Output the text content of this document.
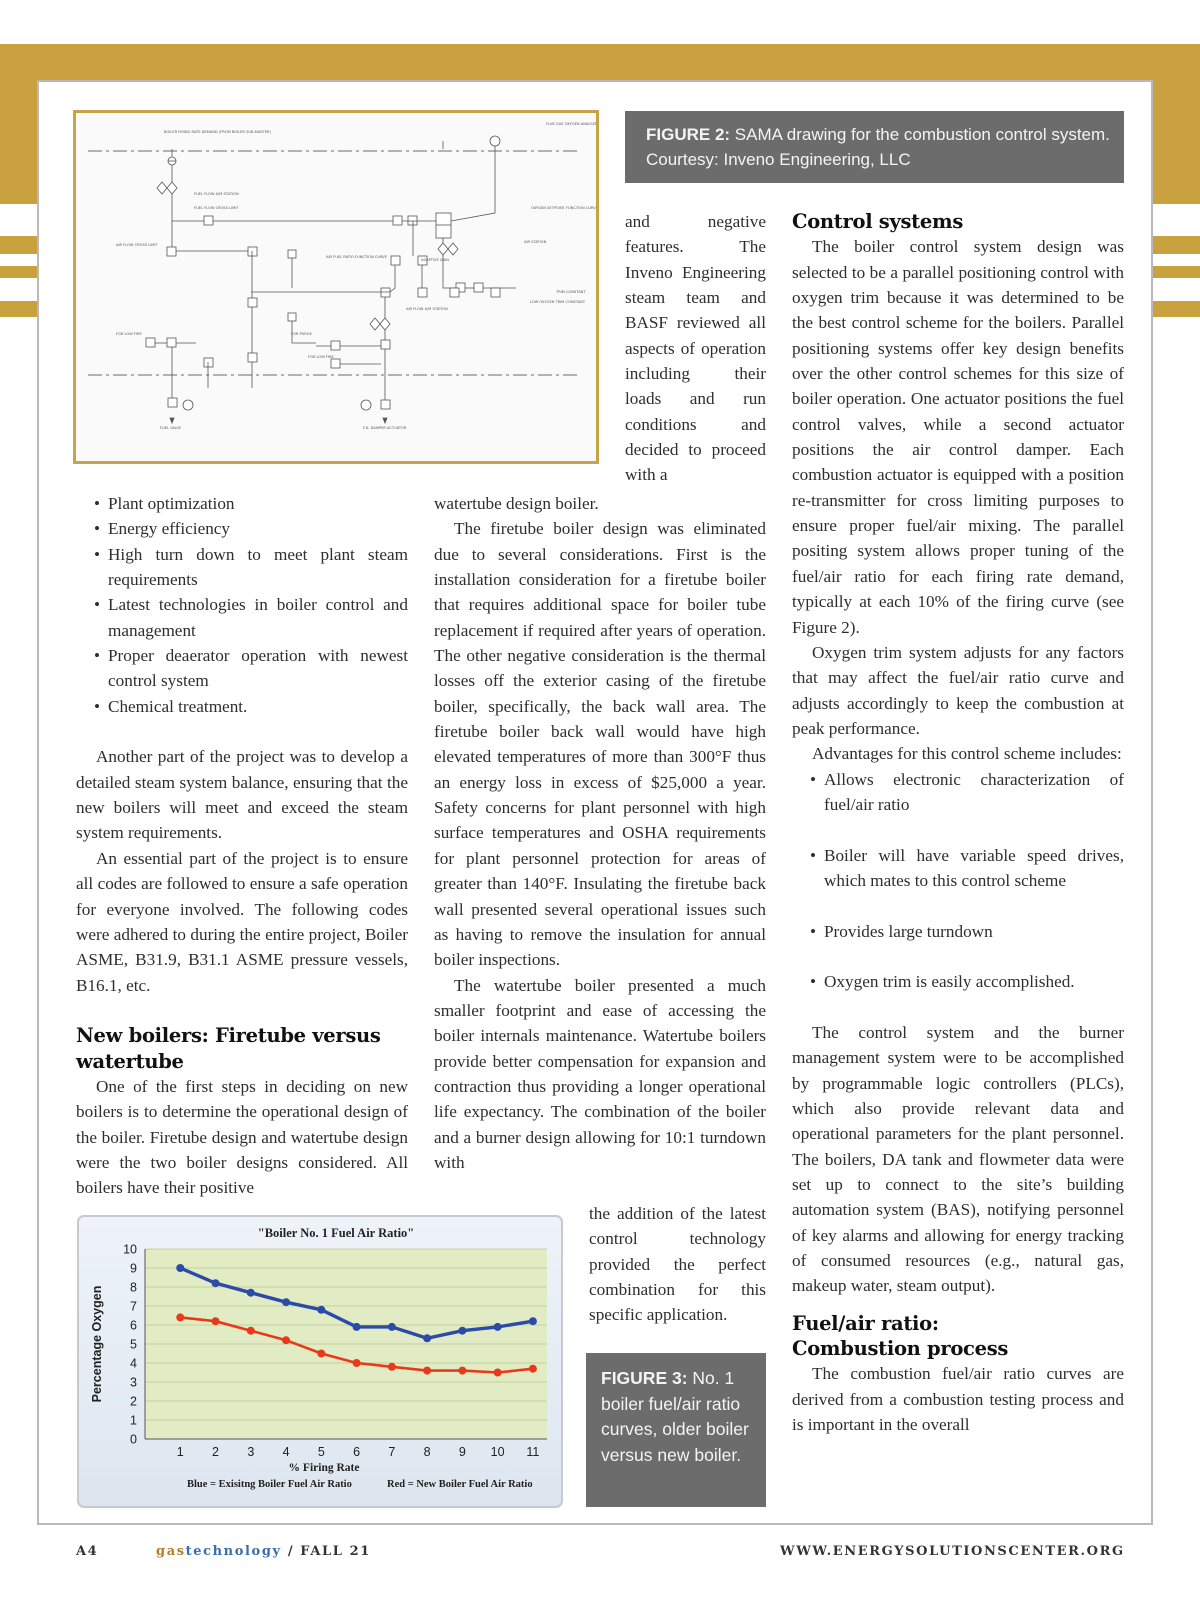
BOILER FIRING RATE DEMAND (FROM BOILER SUB-MASTER)
FLUE GAS OXYGEN ANALYZER
FUEL FLOW A/M STATION
FUEL FLOW CROSS LIMIT	OXYGEN SETPOINT FUNCTION CURVES
AIR STATION
AIR FLOW CROSS LIMIT
AIR FUEL RATIO FUNCTION CURVE
ADAPTIVE GAIN
TRIM CONSTANT
LOW OXYGEN TRIM CONSTANT
AIR FLOW A/M STATION
FGR LOW FIRE	FGR PURGE
FGR LOW FIRE
FUEL VALVE	F.D. DAMPER ACTUATOR
FIGURE 2: SAMA drawing for the combustion control system. Courtesy: Inveno Engineering, LLC
• Plant optimization
• Energy efficiency
• High turn down to meet plant steam requirements
• Latest technologies in boiler control and management
• Proper deaerator operation with newest control system
• Chemical treatment.

Another part of the project was to develop a detailed steam system balance, ensuring that the new boilers will meet and exceed the steam system requirements.

An essential part of the project is to ensure all codes are followed to ensure a safe operation for everyone involved. The following codes were adhered to during the entire project, Boiler ASME, B31.9, B31.1 ASME pressure vessels, B16.1, etc.

New boilers: Firetube versus watertube

One of the first steps in deciding on new boilers is to determine the operational design of the boiler. Firetube design and watertube design were the two boiler designs considered. All boilers have their positive

and negative features. The Inveno Engineering steam team and BASF reviewed all aspects of operation including their loads and run conditions and decided to proceed with a

watertube design boiler.

The firetube boiler design was eliminated due to several considerations. First is the installation consideration for a firetube boiler that requires additional space for boiler tube replacement if required after years of operation. The other negative consideration is the thermal losses off the exterior casing of the firetube boiler, specifically, the back wall area. The firetube boiler back wall would have high elevated temperatures of more than 300°F thus an energy loss in excess of $25,000 a year. Safety concerns for plant personnel with high surface temperatures and OSHA requirements for plant personnel protection for areas of greater than 140°F. Insulating the firetube back wall presented several operational issues such as having to remove the insulation for annual boiler inspections.

The watertube boiler presented a much smaller footprint and ease of accessing the boiler internals maintenance. Watertube boilers provide better compensation for expansion and contraction thus providing a longer operational life expectancy. The combination of the boiler and a burner design allowing for 10:1 turndown with

the addition of the latest control technology provided the perfect combination for this specific application.

FIGURE 3: No. 1 boiler fuel/air ratio curves, older boiler versus new boiler.
Control systems

The boiler control system design was selected to be a parallel positioning control with oxygen trim because it was determined to be the best control scheme for the boilers. Parallel positioning systems offer key design benefits over the other control schemes for this size of boiler operation. One actuator positions the fuel control valves, while a second actuator positions the air control damper. Each combustion actuator is equipped with a position re-transmitter for cross limiting purposes to ensure proper fuel/air mixing. The parallel positing system allows proper tuning of the fuel/air ratio for each firing rate demand, typically at each 10% of the firing curve (see Figure 2).

Oxygen trim system adjusts for any factors that may affect the fuel/air ratio curve and adjusts accordingly to keep the combustion at peak performance.

Advantages for this control scheme includes:

• Allows electronic characterization of fuel/air ratio
• Boiler will have variable speed drives, which mates to this control scheme
• Provides large turndown
• Oxygen trim is easily accomplished.

The control system and the burner management system were to be accomplished by programmable logic controllers (PLCs), which also provide relevant data and operational parameters for the plant personnel. The boilers, DA tank and flowmeter data were set up to connect to the site’s building automation system (BAS), notifying personnel of key alarms and allowing for energy tracking of consumed resources (e.g., natural gas, makeup water, steam output).

Fuel/air ratio:
Combustion process

The combustion fuel/air ratio curves are derived from a combustion testing process and is important in the overall

0
1
2
3
4
5
6
7
8
9
10
1 2 3 4 5 6 7 8 9 10 11
"Boiler No. 1 Fuel Air Ratio"
% Firing Rate
Percentage Oxygen
Blue = Exisitng Boiler Fuel Air Ratio	Red = New Boiler Fuel Air Ratio
A4	gastechnology / FALL 21	WWW.ENERGYSOLUTIONSCENTER.ORG
